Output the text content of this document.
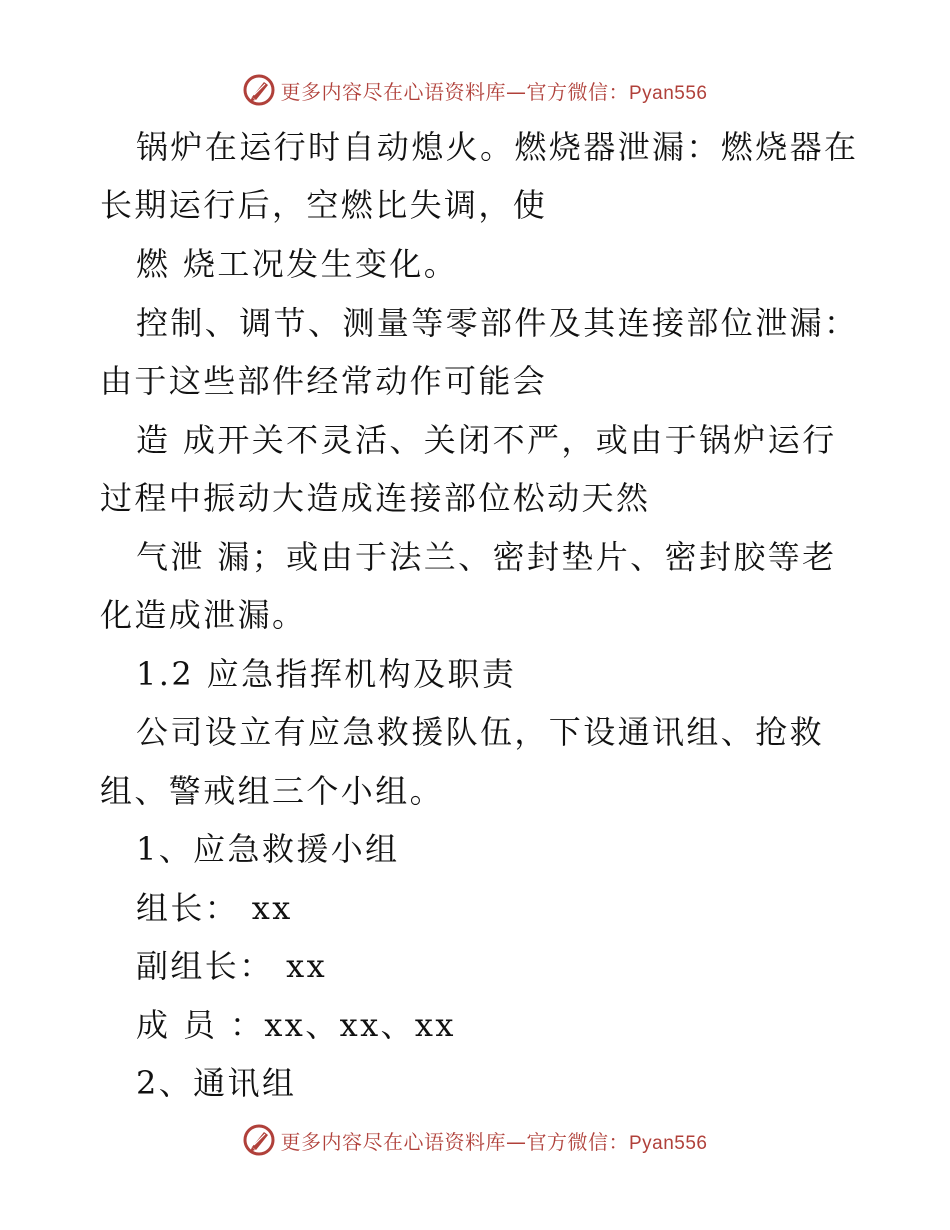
更多内容尽在心语资料库—官方微信：Pyan556
锅炉在运行时自动熄火。燃烧器泄漏：燃烧器在
长期运行后，空燃比失调，使
燃 烧工况发生变化。
控制、调节、测量等零部件及其连接部位泄漏：
由于这些部件经常动作可能会
造 成开关不灵活、关闭不严，或由于锅炉运行
过程中振动大造成连接部位松动天然
气泄 漏；或由于法兰、密封垫片、密封胶等老
化造成泄漏。
1.2 应急指挥机构及职责
公司设立有应急救援队伍，下设通讯组、抢救
组、警戒组三个小组。
1、应急救援小组
组长： xx
副组长： xx
成 员 ：xx、xx、xx
2、通讯组
更多内容尽在心语资料库—官方微信：Pyan556
